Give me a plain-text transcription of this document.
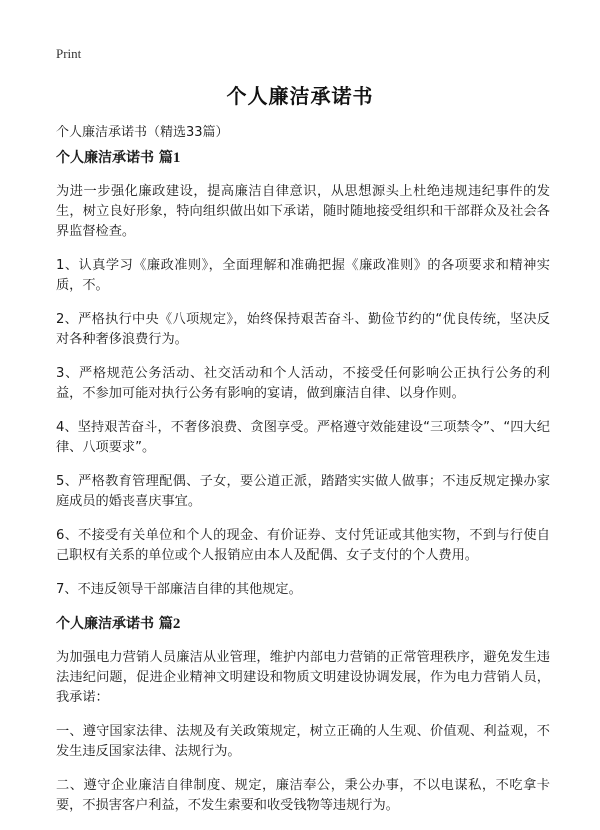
Print
个人廉洁承诺书
个人廉洁承诺书（精选33篇）
个人廉洁承诺书 篇1

为进一步强化廉政建设，提高廉洁自律意识，从思想源头上杜绝违规违纪事件的发生，树立良好形象，特向组织做出如下承诺，随时随地接受组织和干部群众及社会各界监督检查。

1、认真学习《廉政准则》，全面理解和准确把握《廉政准则》的各项要求和精神实质，不。

2、严格执行中央《八项规定》，始终保持艰苦奋斗、勤俭节约的“优良传统，坚决反对各种奢侈浪费行为。

3、严格规范公务活动、社交活动和个人活动，不接受任何影响公正执行公务的利益，不参加可能对执行公务有影响的宴请，做到廉洁自律、以身作则。

4、坚持艰苦奋斗，不奢侈浪费、贪图享受。严格遵守效能建设“三项禁令”、“四大纪律、八项要求”。

5、严格教育管理配偶、子女，要公道正派，踏踏实实做人做事；不违反规定操办家庭成员的婚丧喜庆事宜。

6、不接受有关单位和个人的现金、有价证券、支付凭证或其他实物，不到与行使自己职权有关系的单位或个人报销应由本人及配偶、女子支付的个人费用。

7、不违反领导干部廉洁自律的其他规定。

个人廉洁承诺书 篇2

为加强电力营销人员廉洁从业管理，维护内部电力营销的正常管理秩序，避免发生违法违纪问题，促进企业精神文明建设和物质文明建设协调发展，作为电力营销人员，我承诺：

一、遵守国家法律、法规及有关政策规定，树立正确的人生观、价值观、利益观，不发生违反国家法律、法规行为。

二、遵守企业廉洁自律制度、规定，廉洁奉公，秉公办事，不以电谋私，不吃拿卡要，不损害客户利益，不发生索要和收受钱物等违规行为。
